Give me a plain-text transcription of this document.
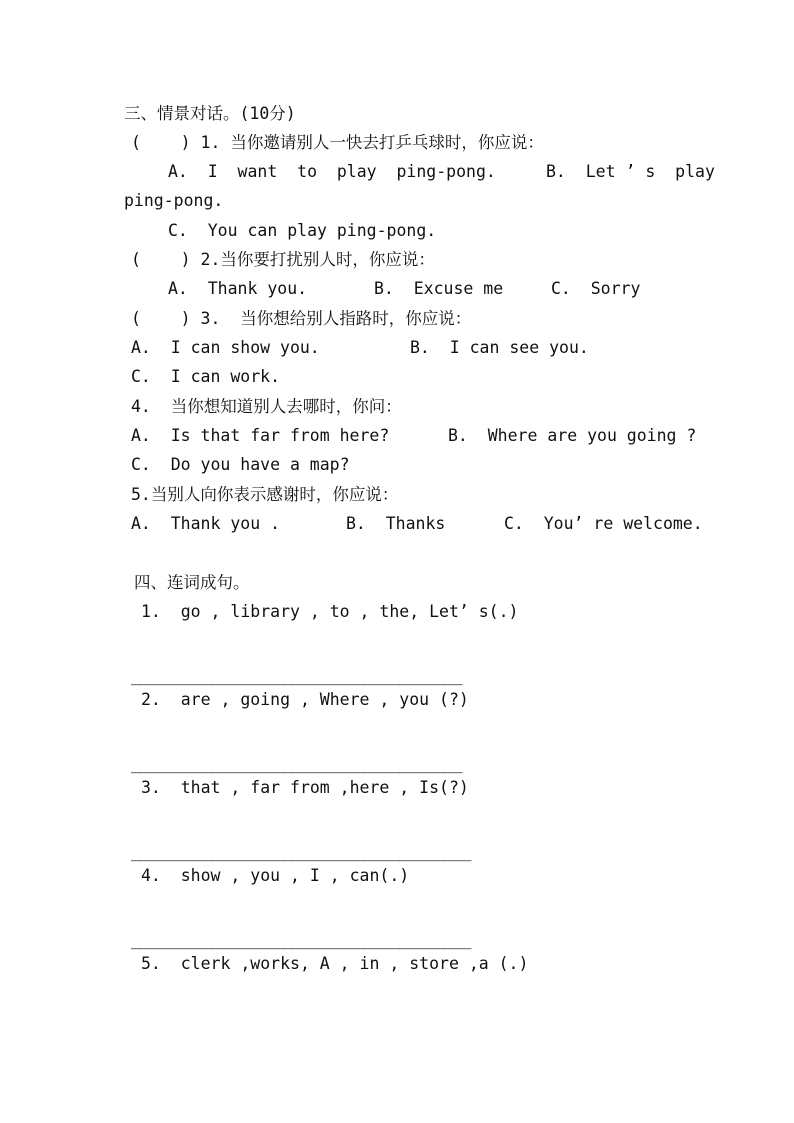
三、情景对话。(10分)
(    ) 1. 当你邀请别人一快去打乒乓球时，你应说：
A.  I  want  to  play  ping-pong.	B.  Let ’ s  play
ping-pong.
C.  You can play ping-pong.
(    ) 2.当你要打扰别人时，你应说：
A.  Thank you.	B.  Excuse me	C.  Sorry
(    ) 3.  当你想给别人指路时，你应说：
A.  I can show you.	B.  I can see you.
C.  I can work.
4.  当你想知道别人去哪时，你问：
A.  Is that far from here?	B.  Where are you going ?
C.  Do you have a map?
5.当别人向你表示感谢时，你应说：
A.  Thank you .	B.  Thanks	C.  You’ re welcome.
四、连词成句。
1.  go , library , to , the, Let’ s(.)
_____________________________________
2.  are , going , Where , you (?)
_____________________________________
3.  that , far from ,here , Is(?)
______________________________________
4.  show , you , I , can(.)
______________________________________
5.  clerk ,works, A , in , store ,a (.)
